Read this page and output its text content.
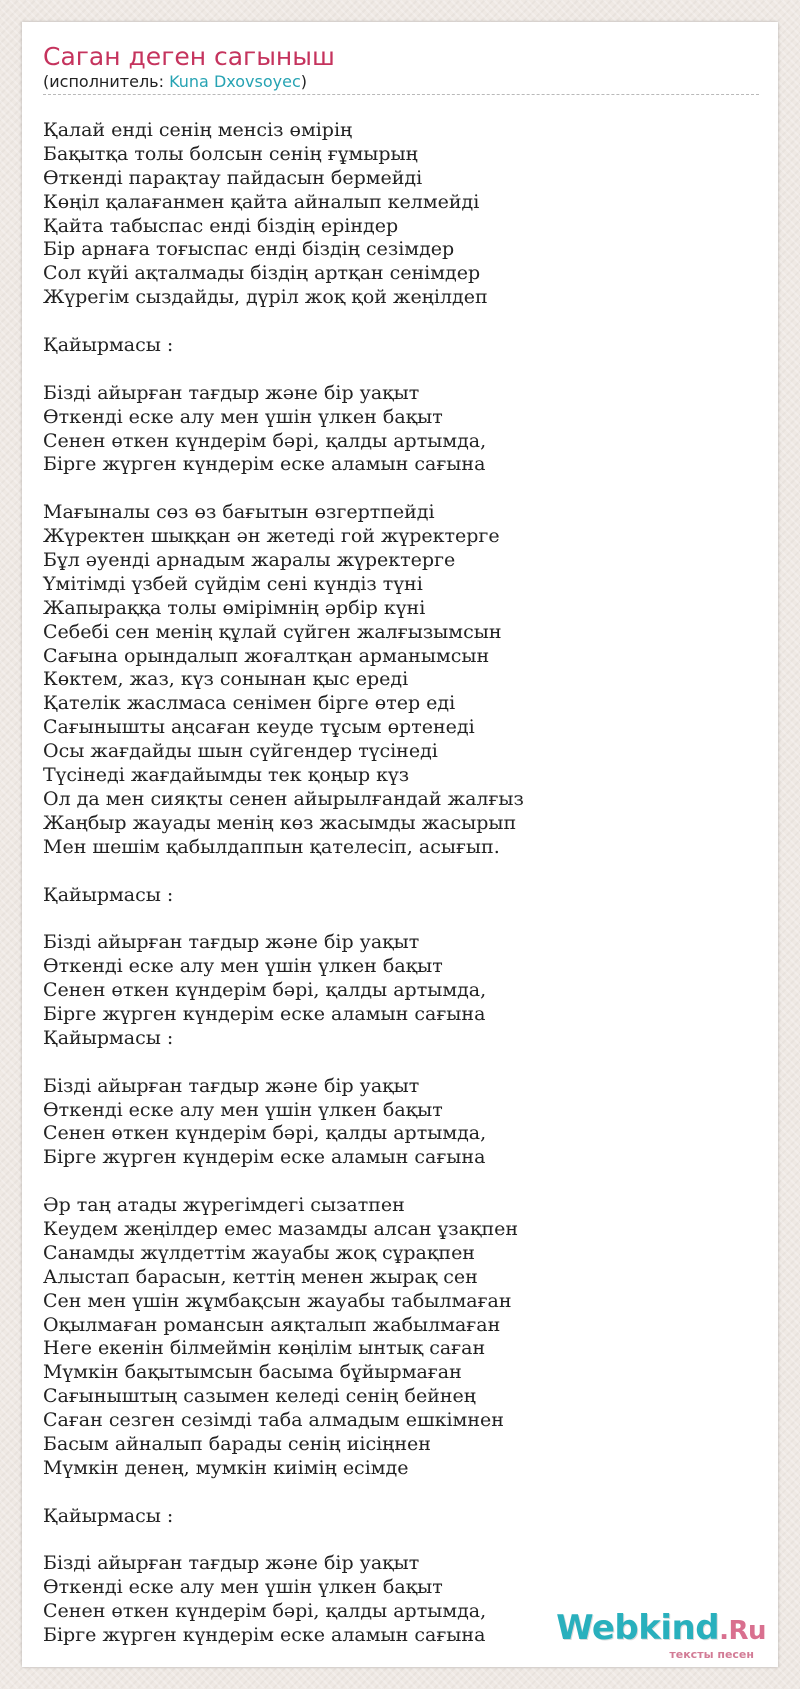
Саган деген сагыныш
(исполнитель: Kuna Dxovsoyec)
Қалай енді сенің менсіз өмірің
Бақытқа толы болсын сенің ғұмырың
Өткенді парақтау пайдасын бермейді
Көңіл қалағанмен қайта айналып келмейді
Қайта табыспас енді біздің еріндер
Бір арнаға тоғыспас енді біздің сезімдер
Сол күйі ақталмады біздің артқан сенімдер
Жүрегім сыздайды, дүріл жоқ қой жеңілдеп
Қайырмасы :
Бізді айырған тағдыр және бір уақыт
Өткенді еске алу мен үшін үлкен бақыт
Сенен өткен күндерім бәрі, қалды артымда,
Бірге жүрген күндерім еске аламын сағына
Мағыналы сөз өз бағытын өзгертпейді
Жүректен шыққан ән жетеді гой жүректерге
Бұл әуенді арнадым жаралы жүректерге
Үмітімді үзбей сүйдім сені күндіз түні
Жапыраққа толы өмірімнің әрбір күні
Себебі сен менің құлай сүйген жалғызымсын
Сағына орындалып жоғалтқан арманымсын
Көктем, жаз, күз сонынан қыс ереді
Қателік жаслмаса сенімен бірге өтер еді
Сағынышты аңсаған кеуде тұсым өртенеді
Осы жағдайды шын сүйгендер түсінеді
Түсінеді жағдайымды тек қоңыр күз
Ол да мен сияқты сенен айырылғандай жалғыз
Жаңбыр жауады менің көз жасымды жасырып
Мен шешім қабылдаппын қателесіп, асығып.
Қайырмасы :
Бізді айырған тағдыр және бір уақыт
Өткенді еске алу мен үшін үлкен бақыт
Сенен өткен күндерім бәрі, қалды артымда,
Бірге жүрген күндерім еске аламын сағына
Қайырмасы :
Бізді айырған тағдыр және бір уақыт
Өткенді еске алу мен үшін үлкен бақыт
Сенен өткен күндерім бәрі, қалды артымда,
Бірге жүрген күндерім еске аламын сағына
Әр таң атады жүрегімдегі сызатпен
Кеудем жеңілдер емес мазамды алсан ұзақпен
Санамды жүлдеттім жауабы жоқ сұрақпен
Алыстап барасын, кеттің менен жырақ сен
Сен мен үшін жұмбақсын жауабы табылмаған
Оқылмаған романсын аяқталып жабылмаған
Неге екенін білмеймін көңілім ынтық саған
Мүмкін бақытымсын басыма бұйырмаған
Сағыныштың сазымен келеді сенің бейнең
Саған сезген сезімді таба алмадым ешкімнен
Басым айналып барады сенің иісіңнен
Мүмкін денең, мумкін киімің есімде
Қайырмасы :
Бізді айырған тағдыр және бір уақыт
Өткенді еске алу мен үшін үлкен бақыт
Сенен өткен күндерім бәрі, қалды артымда,
Бірге жүрген күндерім еске аламын сағына	Webkind.Ru
тексты песен
